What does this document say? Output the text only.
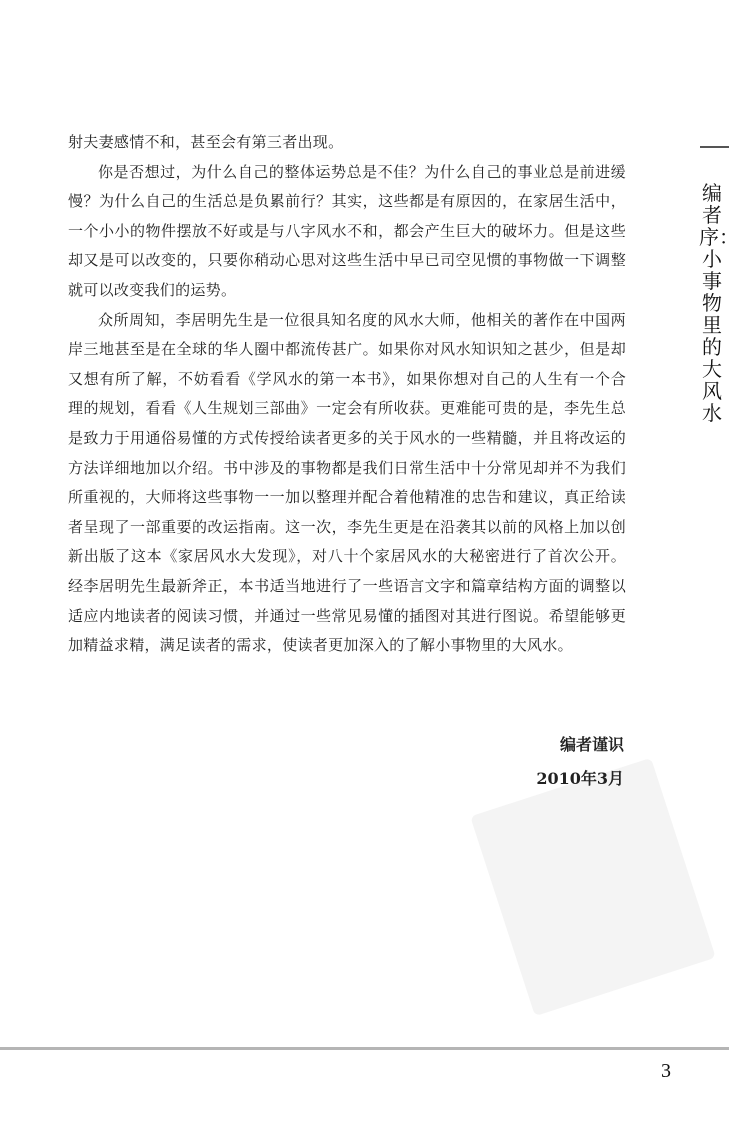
编者序：小事物里的大风水

射夫妻感情不和，甚至会有第三者出现。

你是否想过，为什么自己的整体运势总是不佳？为什么自己的事业总是前进缓慢？为什么自己的生活总是负累前行？其实，这些都是有原因的，在家居生活中，一个小小的物件摆放不好或是与八字风水不和，都会产生巨大的破坏力。但是这些却又是可以改变的，只要你稍动心思对这些生活中早已司空见惯的事物做一下调整就可以改变我们的运势。

众所周知，李居明先生是一位很具知名度的风水大师，他相关的著作在中国两岸三地甚至是在全球的华人圈中都流传甚广。如果你对风水知识知之甚少，但是却又想有所了解，不妨看看《学风水的第一本书》，如果你想对自己的人生有一个合理的规划，看看《人生规划三部曲》一定会有所收获。更难能可贵的是，李先生总是致力于用通俗易懂的方式传授给读者更多的关于风水的一些精髓，并且将改运的方法详细地加以介绍。书中涉及的事物都是我们日常生活中十分常见却并不为我们所重视的，大师将这些事物一一加以整理并配合着他精准的忠告和建议，真正给读者呈现了一部重要的改运指南。这一次，李先生更是在沿袭其以前的风格上加以创新出版了这本《家居风水大发现》，对八十个家居风水的大秘密进行了首次公开。经李居明先生最新斧正，本书适当地进行了一些语言文字和篇章结构方面的调整以适应内地读者的阅读习惯，并通过一些常见易懂的插图对其进行图说。希望能够更加精益求精，满足读者的需求，使读者更加深入的了解小事物里的大风水。

编者谨识
2010年3月
3
